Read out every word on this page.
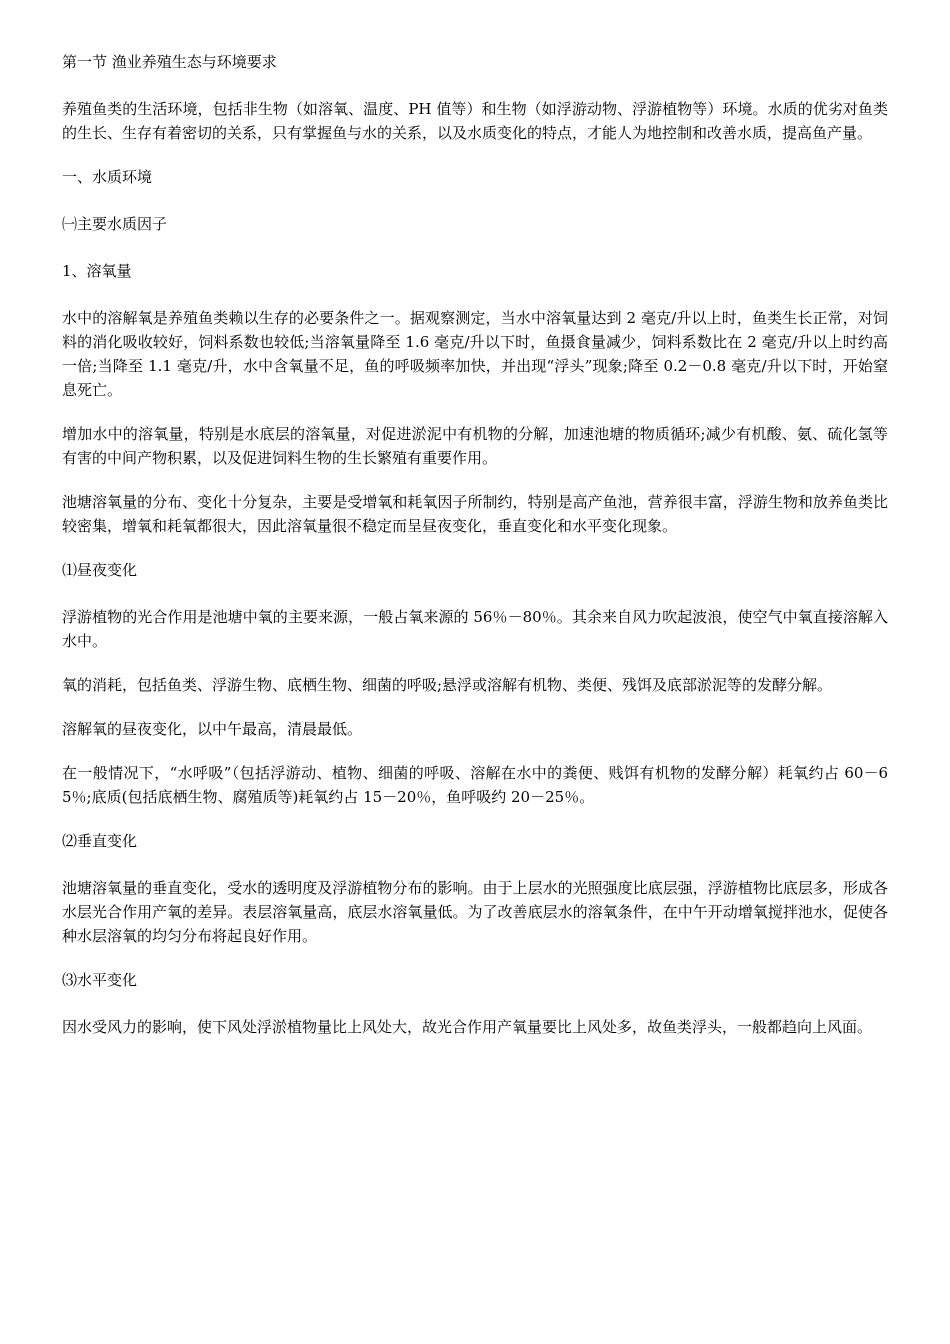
第一节 渔业养殖生态与环境要求

养殖鱼类的生活环境，包括非生物（如溶氧、温度、PH 值等）和生物（如浮游动物、浮游植物等）环境。水质的优劣对鱼类的生长、生存有着密切的关系，只有掌握鱼与水的关系，以及水质变化的特点，才能人为地控制和改善水质，提高鱼产量。

一、水质环境

㈠主要水质因子

1、溶氧量

水中的溶解氧是养殖鱼类赖以生存的必要条件之一。据观察测定，当水中溶氧量达到 2 毫克/升以上时，鱼类生长正常，对饲料的消化吸收较好，饲料系数也较低;当溶氧量降至 1.6 毫克/升以下时，鱼摄食量减少，饲料系数比在 2 毫克/升以上时约高一倍;当降至 1.1 毫克/升，水中含氧量不足，鱼的呼吸频率加快，并出现“浮头”现象;降至 0.2－0.8 毫克/升以下时，开始窒息死亡。

增加水中的溶氧量，特别是水底层的溶氧量，对促进淤泥中有机物的分解，加速池塘的物质循环;减少有机酸、氨、硫化氢等有害的中间产物积累，以及促进饲料生物的生长繁殖有重要作用。

池塘溶氧量的分布、变化十分复杂，主要是受增氧和耗氧因子所制约，特别是高产鱼池，营养很丰富，浮游生物和放养鱼类比较密集，增氧和耗氧都很大，因此溶氧量很不稳定而呈昼夜变化，垂直变化和水平变化现象。

⑴昼夜变化

浮游植物的光合作用是池塘中氧的主要来源，一般占氧来源的 56％－80％。其余来自风力吹起波浪，使空气中氧直接溶解入水中。

氧的消耗，包括鱼类、浮游生物、底栖生物、细菌的呼吸;悬浮或溶解有机物、类便、残饵及底部淤泥等的发酵分解。

溶解氧的昼夜变化，以中午最高，清晨最低。

在一般情况下，“水呼吸”（包括浮游动、植物、细菌的呼吸、溶解在水中的粪便、贱饵有机物的发酵分解）耗氧约占 60－65％;底质(包括底栖生物、腐殖质等)耗氧约占 15－20％，鱼呼吸约 20－25％。

⑵垂直变化

池塘溶氧量的垂直变化，受水的透明度及浮游植物分布的影响。由于上层水的光照强度比底层强，浮游植物比底层多，形成各水层光合作用产氧的差异。表层溶氧量高，底层水溶氧量低。为了改善底层水的溶氧条件，在中午开动增氧搅拌池水，促使各种水层溶氧的均匀分布将起良好作用。

⑶水平变化

因水受风力的影响，使下风处浮淤植物量比上风处大，故光合作用产氧量要比上风处多，故鱼类浮头，一般都趋向上风面。
